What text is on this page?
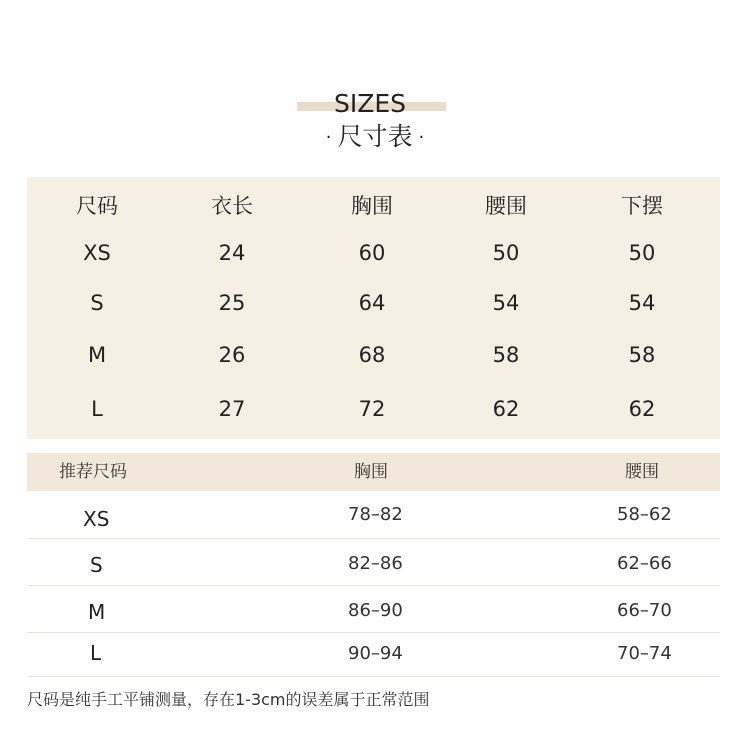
SIZES
· 尺寸表 ·
尺码	衣长	胸围	腰围	下摆
XS	24	60	50	50
S	25	64	54	54
M	26	68	58	58
L	27	72	62	62
推荐尺码	胸围	腰围
XS	78–82	58–62
S	82–86	62–66
M	86–90	66–70
L	90–94	70–74
尺码是纯手工平铺测量，存在1-3cm的误差属于正常范围
